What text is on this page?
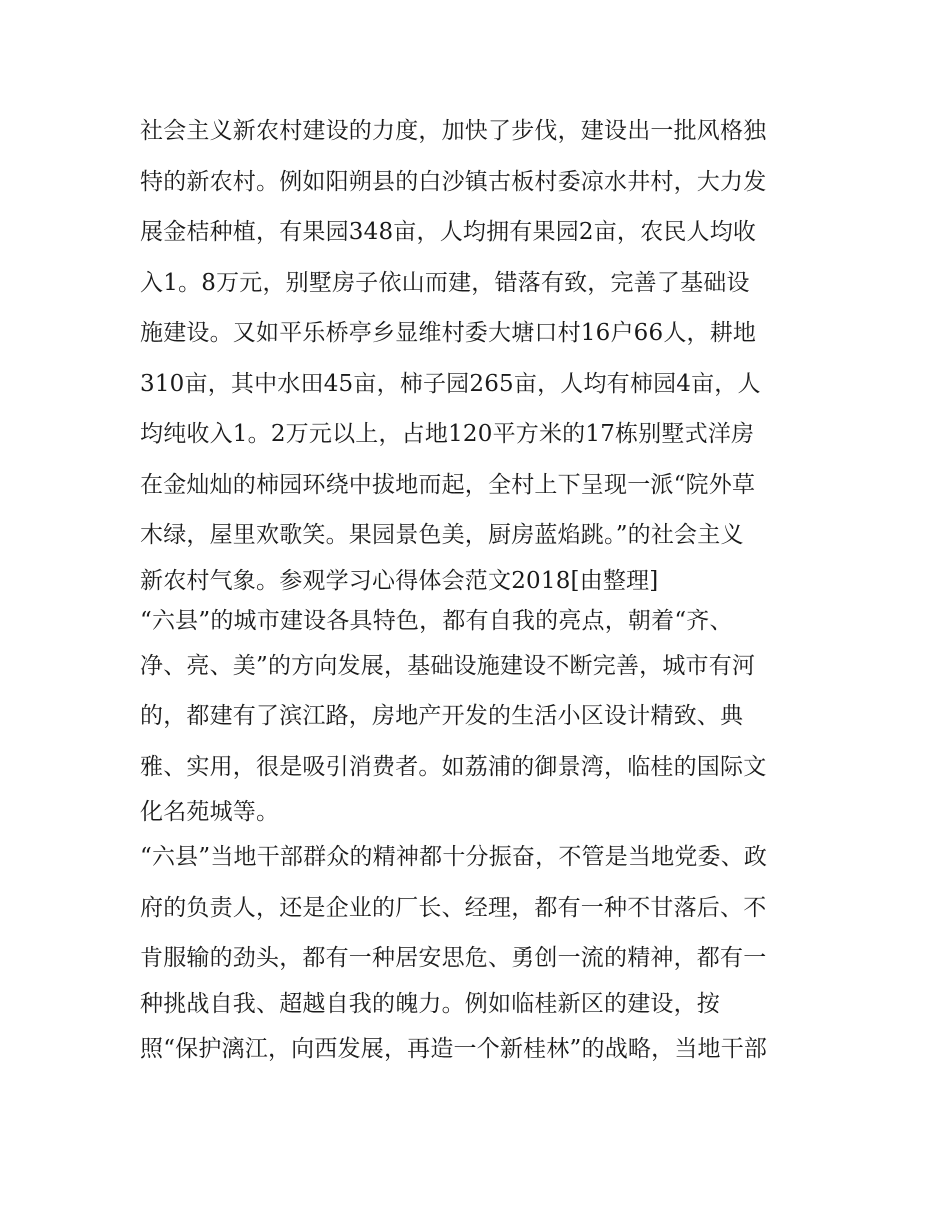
社会主义新农村建设的力度，加快了步伐，建设出一批风格独
特的新农村。例如阳朔县的白沙镇古板村委凉水井村，大力发
展金桔种植，有果园348亩，人均拥有果园2亩，农民人均收
入1。8万元，别墅房子依山而建，错落有致，完善了基础设
施建设。又如平乐桥亭乡显维村委大塘口村16户66人，耕地
310亩，其中水田45亩，柿子园265亩，人均有柿园4亩，人
均纯收入1。2万元以上，占地120平方米的17栋别墅式洋房
在金灿灿的柿园环绕中拔地而起，全村上下呈现一派“院外草
木绿，屋里欢歌笑。果园景色美，厨房蓝焰跳。”的社会主义
新农村气象。参观学习心得体会范文2018[由整理]
“六县”的城市建设各具特色，都有自我的亮点，朝着“齐、
净、亮、美”的方向发展，基础设施建设不断完善，城市有河
的，都建有了滨江路，房地产开发的生活小区设计精致、典
雅、实用，很是吸引消费者。如荔浦的御景湾，临桂的国际文
化名苑城等。
“六县”当地干部群众的精神都十分振奋，不管是当地党委、政
府的负责人，还是企业的厂长、经理，都有一种不甘落后、不
肯服输的劲头，都有一种居安思危、勇创一流的精神，都有一
种挑战自我、超越自我的魄力。例如临桂新区的建设，按
照“保护漓江，向西发展，再造一个新桂林”的战略，当地干部
